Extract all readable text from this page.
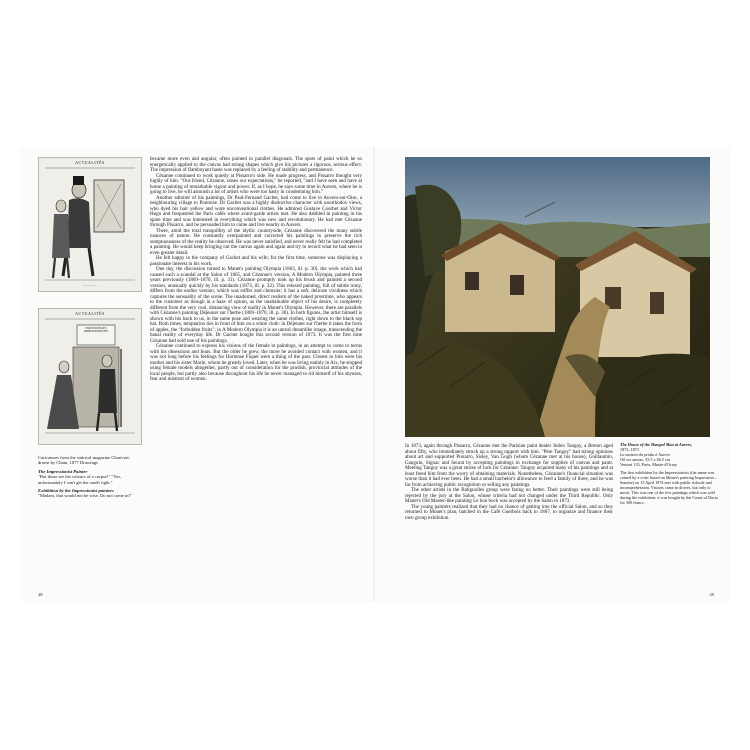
— — — —
ACTUALITÉS
ACTUALITÉS
EXPOSITION DES IMPRESSIONNISTES

Caricatures from the satirical magazine Charivari, drawn by Cham, 1877 Drawings

The Impressionist Painter
"But those are the colours of a corpse!" "Yes, unfortunately I can't get the smell right."

Exhibition by the Impressionist painters
"Madam, that would not be wise. Do not come in!"

became more even and angular, often painted in parallel diagonals. The spots of paint which he so energetically applied to the canvas had strong shapes which give his pictures a rigorous, serious effect. The impression of flamboyant haste was replaced by a feeling of stability and permanence.

Cézanne continued to work quietly at Pissarro's side. He made progress, and Pissarro thought very highly of him. "Our friend, Cézanne, raises our expectations," he reported, "and I have seen and have at home a painting of remarkable vigour and power. If, as I hope, he says some time in Auvers, where he is going to live, he will astonish a lot of artists who were too hasty in condemning him."

Another admirer of his paintings, Dr Paul-Fernand Gachet, had come to live in Auvers-sur-Oise, a neighbouring village to Pontoise. Dr Gachet was a highly distinctive character with unorthodox views, who dyed his hair yellow and wore unconventional clothes. He admired Gustave Courbet and Victor Hugo and frequented the Paris cafés where avant-garde artists met. He also dabbled in painting in his spare time and was interested in everything which was new and revolutionary. He had met Cézanne through Pissarro, and he persuaded him to come and live nearby in Auvers.

There, amid the total tranquillity of the idyllic countryside, Cézanne discovered the many subtle nuances of nature. He constantly overpainted and corrected his paintings to preserve the rich sumptuousness of the reality he observed. He was never satisfied, and never really felt he had completed a painting. He would keep bringing out the canvas again and again and try to record what he had seen in even greater detail.

He felt happy in the company of Gachet and his wife; for the first time, someone was displaying a passionate interest in his work.

One day, the discussion turned to Manet's painting Olympia (1863, ill. p. 30), the work which had caused such a scandal at the Salon of 1865, and Cézanne's version, A Modern Olympia, painted three years previously (1869–1870, ill. p. 31). Cézanne promptly took up his brush and painted a second version, unusually quickly by his standards (1873, ill. p. 32). This relaxed painting, full of subtle irony, differs from the earlier version, which was stiffer and clumsier; it has a soft, delicate vividness which captures the sensuality of the scene. The unadorned, direct realism of the naked prostitute, who appears to the customer as though in a haze of opium, as the unattainable object of his desire, is completely different from the very cool, distancing view of nudity in Manet's Olympia. However, there are parallels with Cézanne's painting Déjeuner sur l'herbe (1869–1870, ill. p. 30). In both figures, the artist himself is shown with his back to us, in the same pose and wearing the same clothes, right down to the black top hat. Both times, temptation lies in front of him on a white cloth: in Déjeuner sur l'herbe it takes the form of apples, the "forbidden fruits"; in A Modern Olympia it is an unreal dreamlike image, transcending the banal reality of everyday life. Dr Gachet bought this second version of 1873. It was the first time Cézanne had sold one of his paintings.

Cézanne continued to express his visions of the female in paintings, in an attempt to come to terms with his obsessions and fears. But the older he grew, the more he avoided contact with women, and it was not long before his feelings for Hortense Fiquet were a thing of the past. Closest to him were his mother and his sister Marie, whom he greatly loved. Later, when he was living mainly in Aix, he stopped using female models altogether, partly out of consideration for the prudish, provincial attitudes of the local people, but partly also because throughout his life he never managed to rid himself of his shyness, fear and mistrust of women.

28

In 1873, again through Pissarro, Cézanne met the Parisian paint dealer Julien Tanguy, a Breton aged about fifty, who immediately struck up a strong rapport with him. "Père Tanguy" had strong opinions about art and supported Pissarro, Sisley, Van Gogh (whom Cézanne met at his house), Guillaumin, Gauguin, Signac and Seurat by accepting paintings in exchange for supplies of canvas and paint. Meeting Tanguy was a great stroke of luck for Cézanne: Tanguy acquired many of his paintings and at least freed him from the worry of obtaining materials. Nonetheless, Cézanne's financial situation was worse than it had ever been. He had a small bachelor's allowance to feed a family of three, and he was far from achieving public recognition or selling any paintings.

The other artists in the Batignolles group were faring no better. Their paintings were still being rejected by the jury at the Salon, whose criteria had not changed under the Third Republic. Only Manet's Old Master-like painting Le bon bock was accepted by the Salon in 1873.

The young painters realized that they had no chance of getting into the official Salon, and so they returned to Monet's plan, hatched in the Café Guerbois back in 1867, to organize and finance their own group exhibition.

The House of the Hanged Man at Auvers,
1872–1873
La maison du pendu à Auvers
Oil on canvas, 55.5 x 66.5 cm
Venturi 133, Paris, Musée d'Orsay

The first exhibition by the Impressionists (the name was coined by a critic based on Monet's painting Impression – Sunrise) on 15 April 1874 met with public ridicule and incomprehension. Visitors came in droves, but only to mock. This was one of the few paintings which was sold during the exhibition; it was bought by the Count of Doria for 300 francs.

29
